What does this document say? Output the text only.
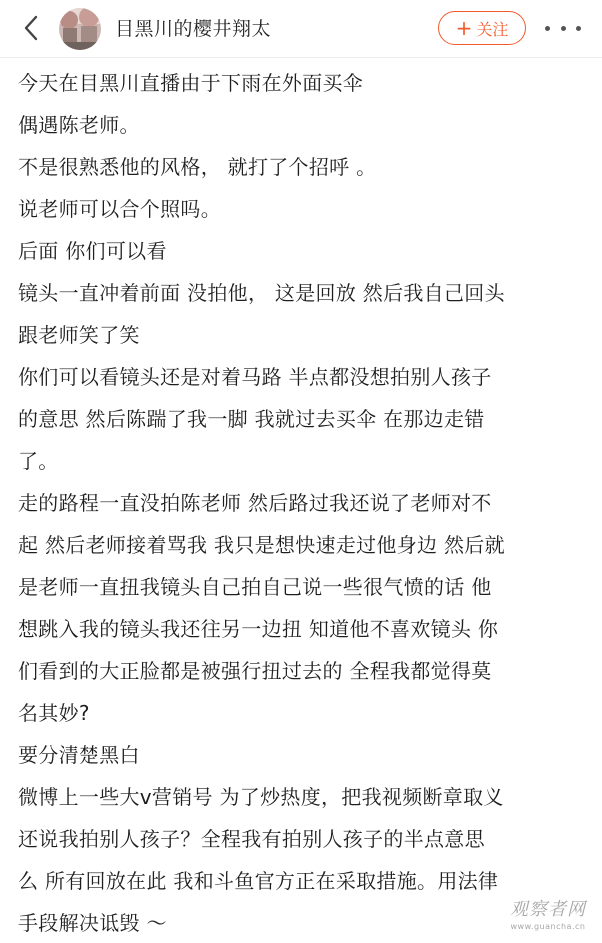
目黑川的樱井翔太	+ 关注
今天在目黑川直播由于下雨在外面买伞
偶遇陈老师。
不是很熟悉他的风格， 就打了个招呼 。
说老师可以合个照吗。
后面 你们可以看
镜头一直冲着前面 没拍他， 这是回放 然后我自己回头
跟老师笑了笑
你们可以看镜头还是对着马路 半点都没想拍别人孩子
的意思 然后陈踹了我一脚 我就过去买伞 在那边走错
了。
走的路程一直没拍陈老师 然后路过我还说了老师对不
起 然后老师接着骂我 我只是想快速走过他身边 然后就
是老师一直扭我镜头自己拍自己说一些很气愤的话 他
想跳入我的镜头我还往另一边扭 知道他不喜欢镜头 你
们看到的大正脸都是被强行扭过去的 全程我都觉得莫
名其妙?
要分清楚黑白
微博上一些大v营销号 为了炒热度，把我视频断章取义
还说我拍别人孩子？全程我有拍别人孩子的半点意思
么 所有回放在此 我和斗鱼官方正在采取措施。用法律
手段解决诋毁 ～
观察者网
www.guancha.cn
